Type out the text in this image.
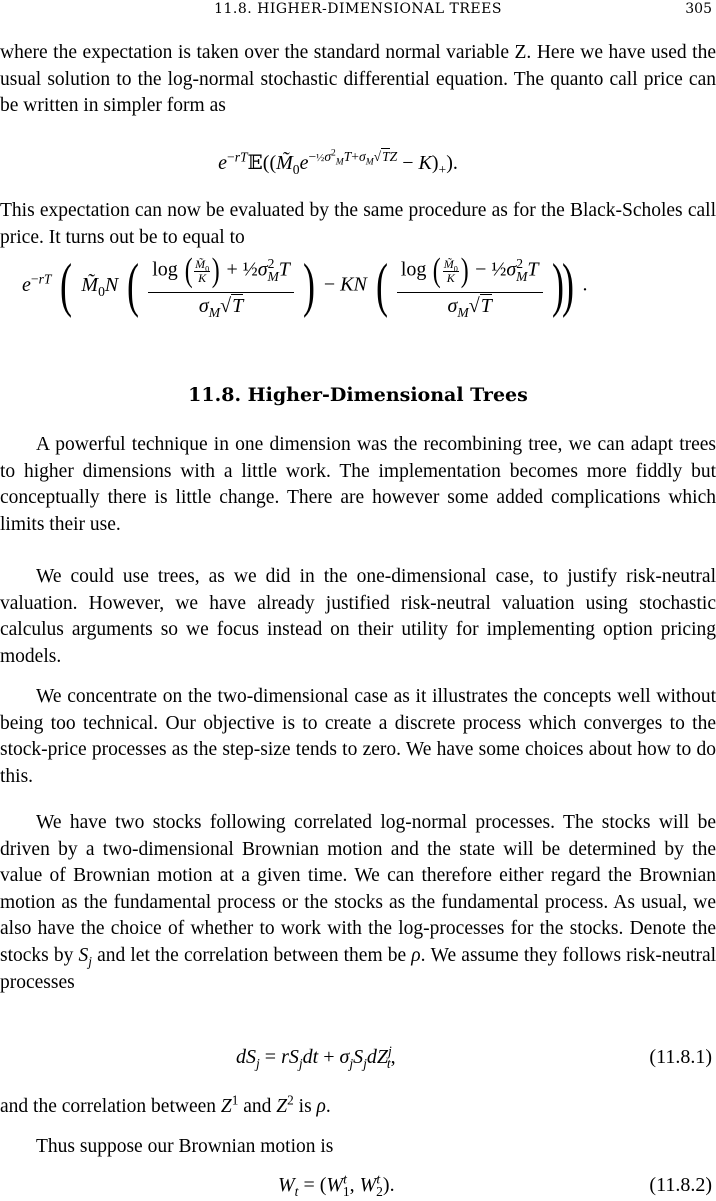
11.8. HIGHER-DIMENSIONAL TREES	305

where the expectation is taken over the standard normal variable Z. Here we have used the usual solution to the log-normal stochastic differential equation. The quanto call price can be written in simpler form as

$e^{-rT}𝔼((M̃_0e^{-\frac{1}{2}\sigma^2_MT+\sigma_M√TZ} - K)_+)$.

This expectation can now be evaluated by the same procedure as for the Black-Scholes call price. It turns out be to equal to

$e^{-rT}$ ( $M̃_0N$ ( $\frac{\log ( \frac{M̃_0}{K} ) + \frac{1}{2}\sigma^2_MT}{\sigma_M√T}$ ) − KN ( $\frac{\log ( \frac{M̃_0}{K} ) - \frac{1}{2}\sigma^2_MT}{\sigma_M√T}$ )) .
11.8. Higher-Dimensional Trees

A powerful technique in one dimension was the recombining tree, we can adapt trees to higher dimensions with a little work. The implementation becomes more fiddly but conceptually there is little change. There are however some added complications which limits their use.

We could use trees, as we did in the one-dimensional case, to justify risk-neutral valuation. However, we have already justified risk-neutral valuation using stochastic calculus arguments so we focus instead on their utility for implementing option pricing models.

We concentrate on the two-dimensional case as it illustrates the concepts well without being too technical. Our objective is to create a discrete process which converges to the stock-price processes as the step-size tends to zero. We have some choices about how to do this.

We have two stocks following correlated log-normal processes. The stocks will be driven by a two-dimensional Brownian motion and the state will be determined by the value of Brownian motion at a given time. We can therefore either regard the Brownian motion as the fundamental process or the stocks as the fundamental process. As usual, we also have the choice of whether to work with the log-processes for the stocks. Denote the stocks by $S_j$ and let the correlation between them be ρ. We assume they follows risk-neutral processes

$dS_j = rS_jdt + \sigma_jS_jdZ^j_t$,	(11.8.1)

and the correlation between $Z^1$ and $Z^2$ is ρ.

Thus suppose our Brownian motion is

$W_t = (W^t_1$, $W^t_2$).	(11.8.2)
